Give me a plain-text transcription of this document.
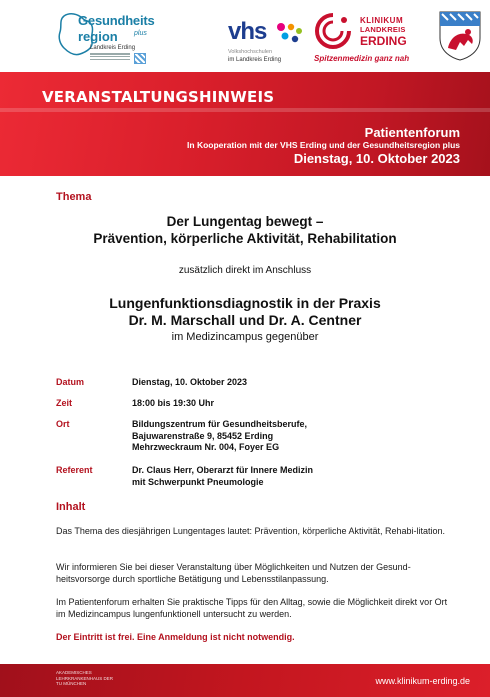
Gesundheits
region plus
Landkreis Erding
vhs
Volkshochschulen
im Landkreis Erding
KLINIKUM
LANDKREIS
ERDING
Spitzenmedizin ganz nah
VERANSTALTUNGSHINWEIS
Patientenforum
In Kooperation mit der VHS Erding und der Gesundheitsregion plus
Dienstag, 10. Oktober 2023
Thema
Der Lungentag bewegt –
Prävention, körperliche Aktivität, Rehabilitation
zusätzlich direkt im Anschluss
Lungenfunktionsdiagnostik in der Praxis
Dr. M. Marschall und Dr. A. Centner
im Medizincampus gegenüber
Datum	Dienstag, 10. Oktober 2023
Zeit	18:00 bis 19:30 Uhr
Ort	Bildungszentrum für Gesundheitsberufe,
Bajuwarenstraße 9, 85452 Erding
Mehrzweckraum Nr. 004, Foyer EG
Referent	Dr. Claus Herr, Oberarzt für Innere Medizin
mit Schwerpunkt Pneumologie
Inhalt
Das Thema des diesjährigen Lungentages lautet: Prävention, körperliche Aktivität, Rehabi-litation.
Wir informieren Sie bei dieser Veranstaltung über Möglichkeiten und Nutzen der Gesund-heitsvorsorge durch sportliche Betätigung und Lebensstilanpassung.
Im Patientenforum erhalten Sie praktische Tipps für den Alltag, sowie die Möglichkeit direkt vor Ort im Medizincampus lungenfunktionell untersucht zu werden.
Der Eintritt ist frei. Eine Anmeldung ist nicht notwendig.
AKADEMISCHES
LEHRKRANKENHAUS DER
TU MÜNCHEN	www.klinikum-erding.de
